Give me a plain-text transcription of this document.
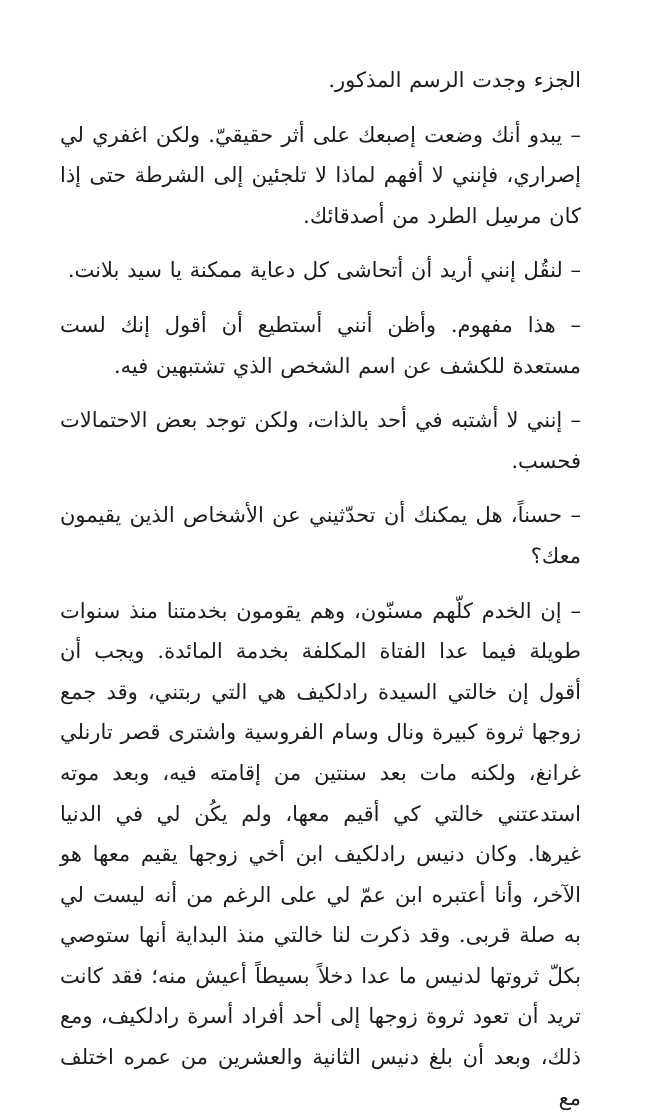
الجزء وجدت الرسم المذكور.

– يبدو أنك وضعت إصبعك على أثر حقيقيّ. ولكن اغفري لي إصراري، فإنني لا أفهم لماذا لا تلجئين إلى الشرطة حتى إذا كان مرسِل الطرد من أصدقائك.

– لنقُل إنني أريد أن أتحاشى كل دعاية ممكنة يا سيد بلانت.

– هذا مفهوم. وأظن أنني أستطيع أن أقول إنك لست مستعدة للكشف عن اسم الشخص الذي تشتبهين فيه.

– إنني لا أشتبه في أحد بالذات، ولكن توجد بعض الاحتمالات فحسب.

– حسناً، هل يمكنك أن تحدّثيني عن الأشخاص الذين يقيمون معك؟

– إن الخدم كلّهم مسنّون، وهم يقومون بخدمتنا منذ سنوات طويلة فيما عدا الفتاة المكلفة بخدمة المائدة. ويجب أن أقول إن خالتي السيدة رادلكيف هي التي ربتني، وقد جمع زوجها ثروة كبيرة ونال وسام الفروسية واشترى قصر تارنلي غرانغ، ولكنه مات بعد سنتين من إقامته فيه، وبعد موته استدعتني خالتي كي أقيم معها، ولم يكُن لي في الدنيا غيرها. وكان دنيس رادلكيف ابن أخي زوجها يقيم معها هو الآخر، وأنا أعتبره ابن عمّ لي على الرغم من أنه ليست لي به صلة قربى. وقد ذكرت لنا خالتي منذ البداية أنها ستوصي بكلّ ثروتها لدنيس ما عدا دخلاً بسيطاً أعيش منه؛ فقد كانت تريد أن تعود ثروة زوجها إلى أحد أفراد أسرة رادلكيف، ومع ذلك، وبعد أن بلغ دنيس الثانية والعشرين من عمره اختلف مع
